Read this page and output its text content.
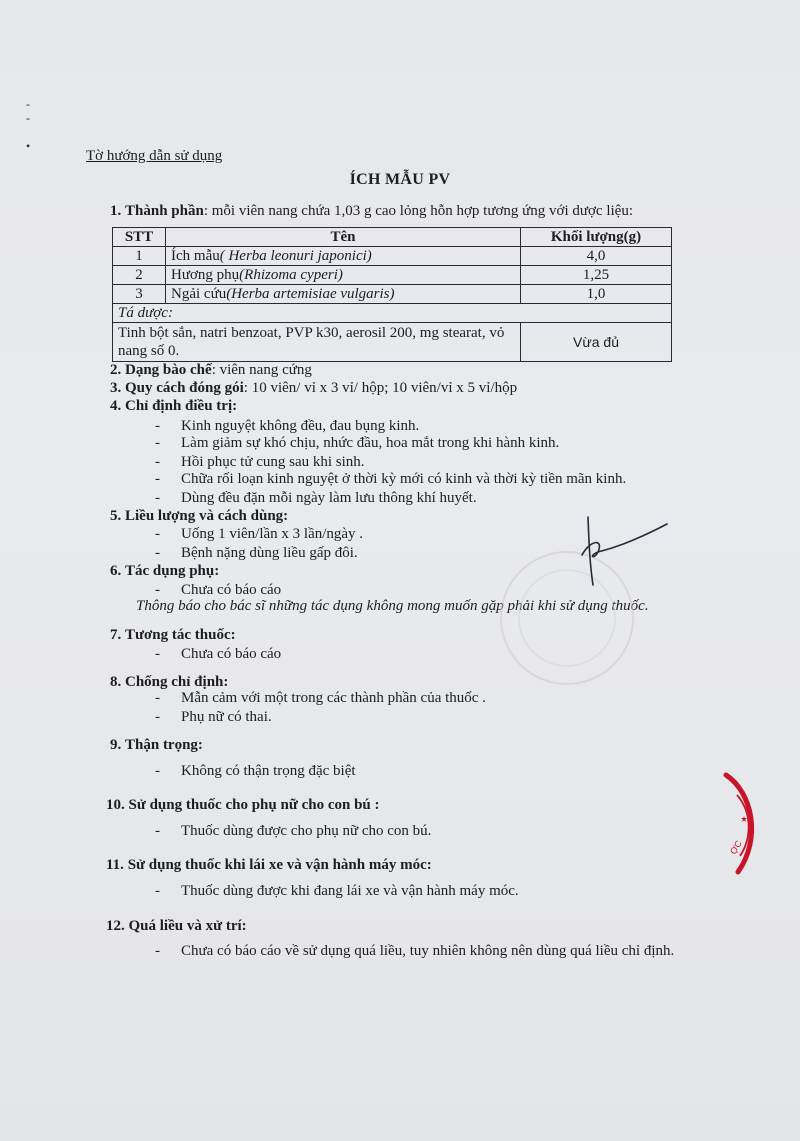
-
-

•
Tờ hướng dẫn sử dụng
ÍCH MẪU PV
1. Thành phần: mỗi viên nang chứa 1,03 g cao lỏng hỗn hợp tương ứng với dược liệu:
STT	Tên	Khối lượng(g)
1	Ích mẫu( Herba leonuri japonici)	4,0
2	Hương phụ(Rhizoma cyperi)	1,25
3	Ngải cứu(Herba artemisiae vulgaris)	1,0
Tá dược:		
Tinh bột sắn, natri benzoat, PVP k30, aerosil 200, mg stearat, vỏ nang số 0.		Vừa đủ
2. Dạng bào chế: viên nang cứng
3. Quy cách đóng gói: 10 viên/ vỉ x 3 vỉ/ hộp; 10 viên/vỉ x 5 vỉ/hộp
4. Chỉ định điều trị:
- Kinh nguyệt không đều, đau bụng kinh.
- Làm giảm sự khó chịu, nhức đầu, hoa mắt trong khi hành kinh.
- Hồi phục tử cung sau khi sinh.
- Chữa rối loạn kinh nguyệt ở thời kỳ mới có kinh và thời kỳ tiền mãn kinh.
- Dùng đều đặn mỗi ngày làm lưu thông khí huyết.
5. Liều lượng và cách dùng:
- Uống 1 viên/lần x 3 lần/ngày .
- Bệnh nặng dùng liều gấp đôi.
6. Tác dụng phụ:
- Chưa có báo cáo
Thông báo cho bác sĩ những tác dụng không mong muốn gặp phải khi sử dụng thuốc.
7. Tương tác thuốc:
- Chưa có báo cáo
8. Chống chỉ định:
- Mẫn cảm với một trong các thành phần của thuốc .
- Phụ nữ có thai.
9. Thận trọng:
- Không có thận trọng đặc biệt
10. Sử dụng thuốc cho phụ nữ cho con bú :
- Thuốc dùng được cho phụ nữ cho con bú.
11. Sử dụng thuốc khi lái xe và vận hành máy móc:
- Thuốc dùng được khi đang lái xe và vận hành máy móc.
12. Quá liều và xử trí:
- Chưa có báo cáo về sử dụng quá liều, tuy nhiên không nên dùng quá liều chỉ định.
ỢC
